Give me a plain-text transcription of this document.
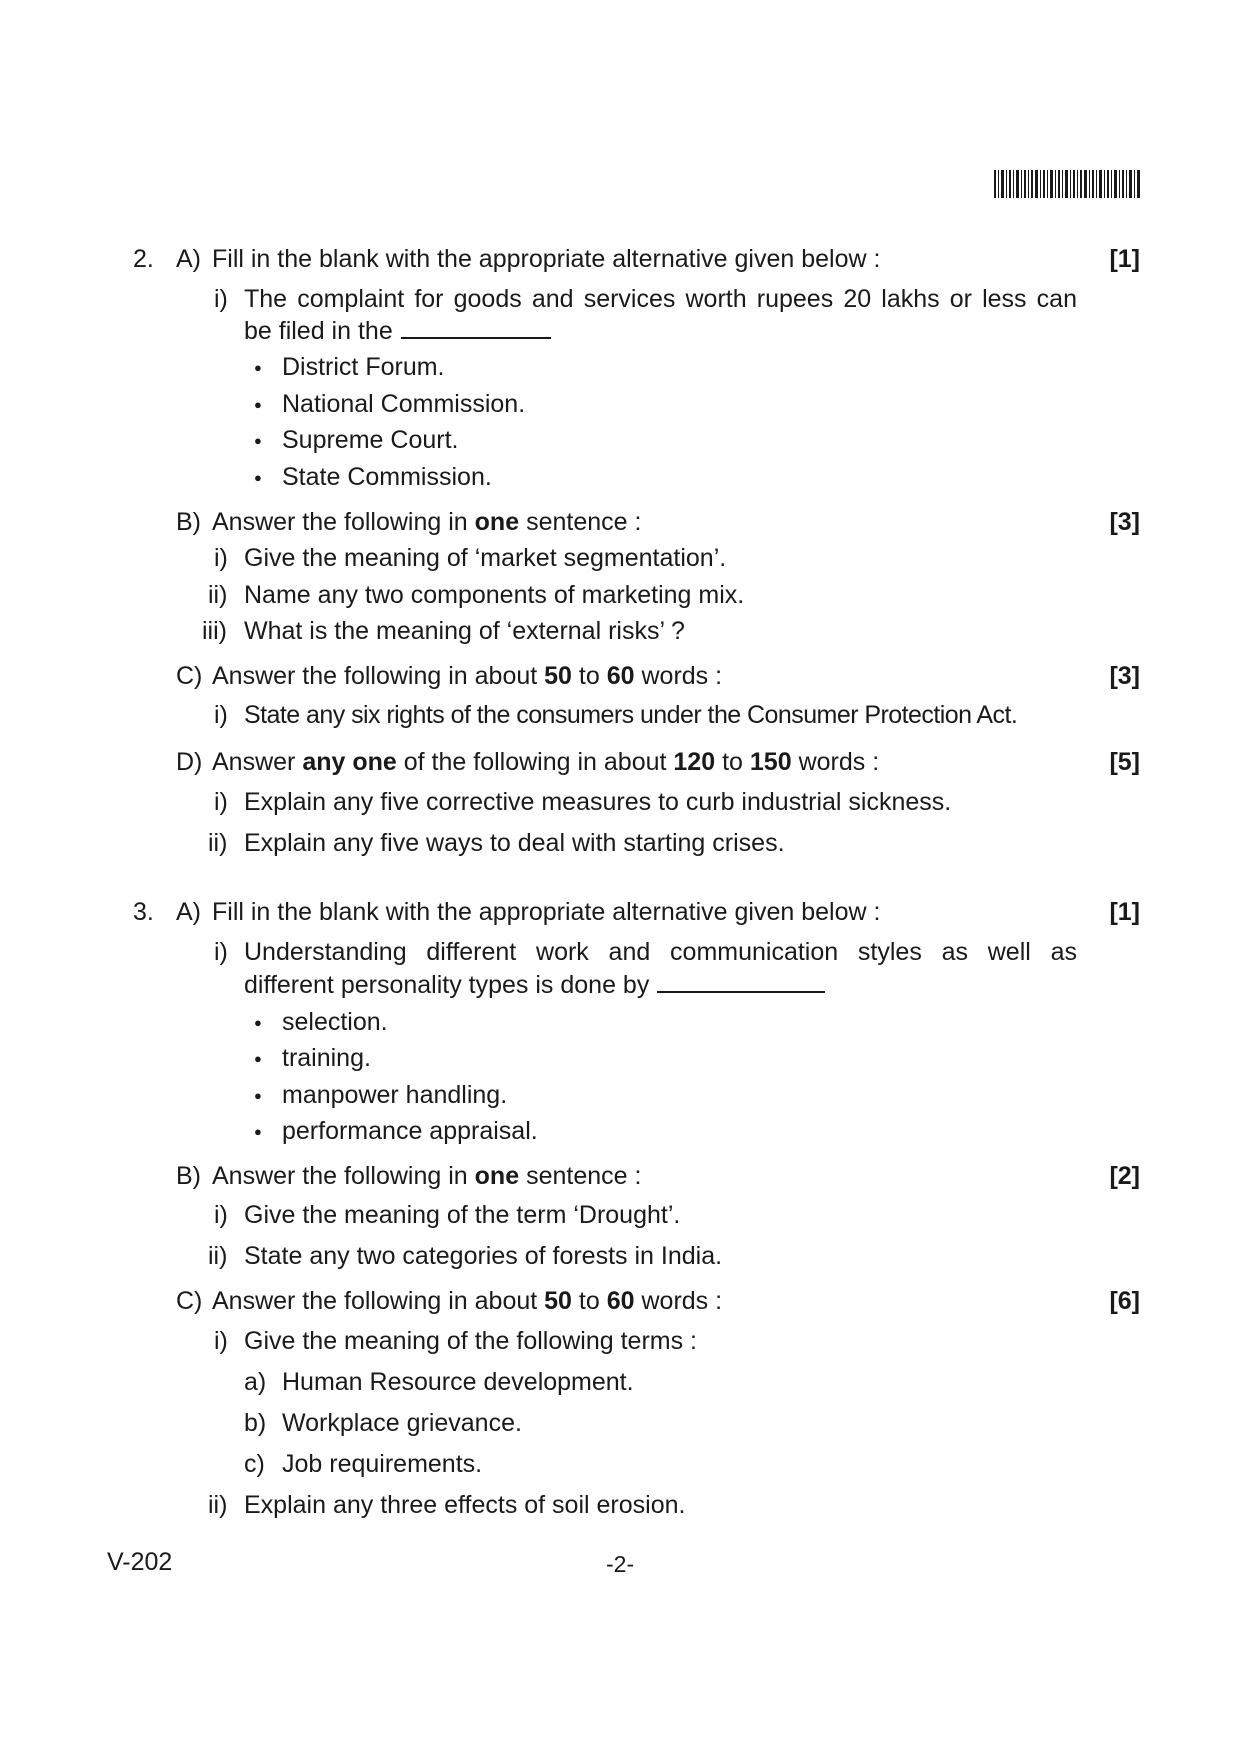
2. A) Fill in the blank with the appropriate alternative given below :	[1]
i) The complaint for goods and services worth rupees 20 lakhs or less can
be filed in the
● District Forum.
● National Commission.
● Supreme Court.
● State Commission.
B) Answer the following in one sentence :	[3]
i) Give the meaning of ‘market segmentation’.
ii) Name any two components of marketing mix.
iii) What is the meaning of ‘external risks’ ?
C) Answer the following in about 50 to 60 words :	[3]
i) State any six rights of the consumers under the Consumer Protection Act.
D) Answer any one of the following in about 120 to 150 words :	[5]
i) Explain any five corrective measures to curb industrial sickness.
ii) Explain any five ways to deal with starting crises.
3. A) Fill in the blank with the appropriate alternative given below :	[1]
i) Understanding different work and communication styles as well as
different personality types is done by
● selection.
● training.
● manpower handling.
● performance appraisal.
B) Answer the following in one sentence :	[2]
i) Give the meaning of the term ‘Drought’.
ii) State any two categories of forests in India.
C) Answer the following in about 50 to 60 words :	[6]
i) Give the meaning of the following terms :
a) Human Resource development.
b) Workplace grievance.
c) Job requirements.
ii) Explain any three effects of soil erosion.
V-202	-2-
